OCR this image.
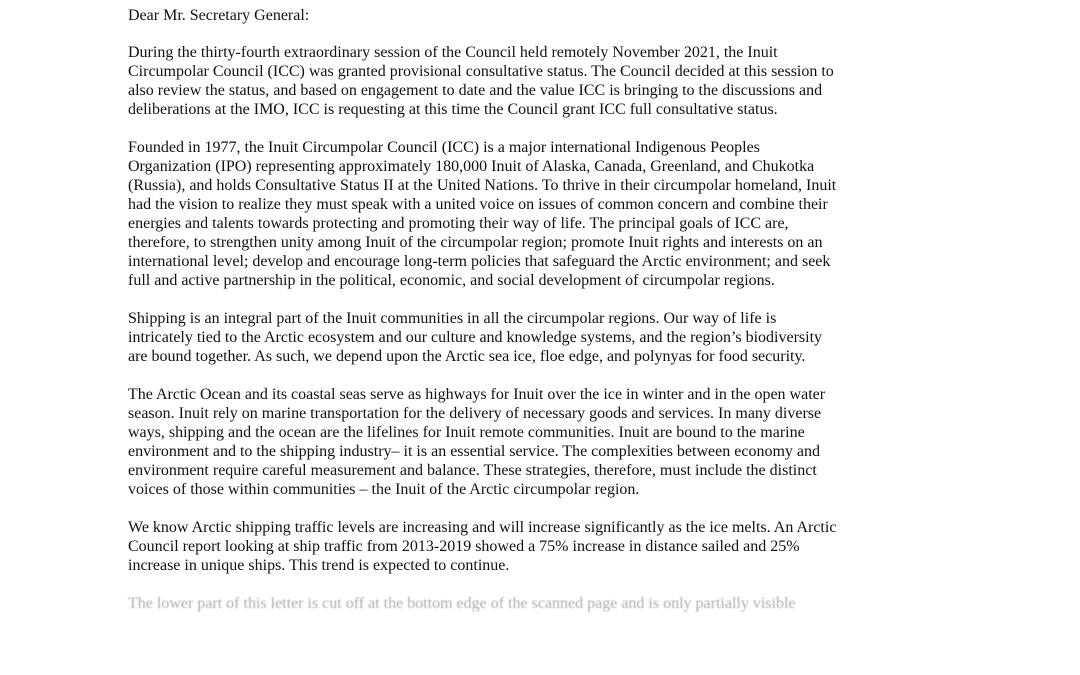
Dear Mr. Secretary General:
During the thirty-fourth extraordinary session of the Council held remotely November 2021, the Inuit
Circumpolar Council (ICC) was granted provisional consultative status. The Council decided at this session to
also review the status, and based on engagement to date and the value ICC is bringing to the discussions and
deliberations at the IMO, ICC is requesting at this time the Council grant ICC full consultative status.
Founded in 1977, the Inuit Circumpolar Council (ICC) is a major international Indigenous Peoples
Organization (IPO) representing approximately 180,000 Inuit of Alaska, Canada, Greenland, and Chukotka
(Russia), and holds Consultative Status II at the United Nations. To thrive in their circumpolar homeland, Inuit
had the vision to realize they must speak with a united voice on issues of common concern and combine their
energies and talents towards protecting and promoting their way of life. The principal goals of ICC are,
therefore, to strengthen unity among Inuit of the circumpolar region; promote Inuit rights and interests on an
international level; develop and encourage long-term policies that safeguard the Arctic environment; and seek
full and active partnership in the political, economic, and social development of circumpolar regions.
Shipping is an integral part of the Inuit communities in all the circumpolar regions. Our way of life is
intricately tied to the Arctic ecosystem and our culture and knowledge systems, and the region’s biodiversity
are bound together. As such, we depend upon the Arctic sea ice, floe edge, and polynyas for food security.
The Arctic Ocean and its coastal seas serve as highways for Inuit over the ice in winter and in the open water
season. Inuit rely on marine transportation for the delivery of necessary goods and services. In many diverse
ways, shipping and the ocean are the lifelines for Inuit remote communities. Inuit are bound to the marine
environment and to the shipping industry– it is an essential service. The complexities between economy and
environment require careful measurement and balance. These strategies, therefore, must include the distinct
voices of those within communities – the Inuit of the Arctic circumpolar region.
We know Arctic shipping traffic levels are increasing and will increase significantly as the ice melts. An Arctic
Council report looking at ship traffic from 2013-2019 showed a 75% increase in distance sailed and 25%
increase in unique ships. This trend is expected to continue.
The lower part of this letter is cut off at the bottom edge of the scanned page and is only partially visible
